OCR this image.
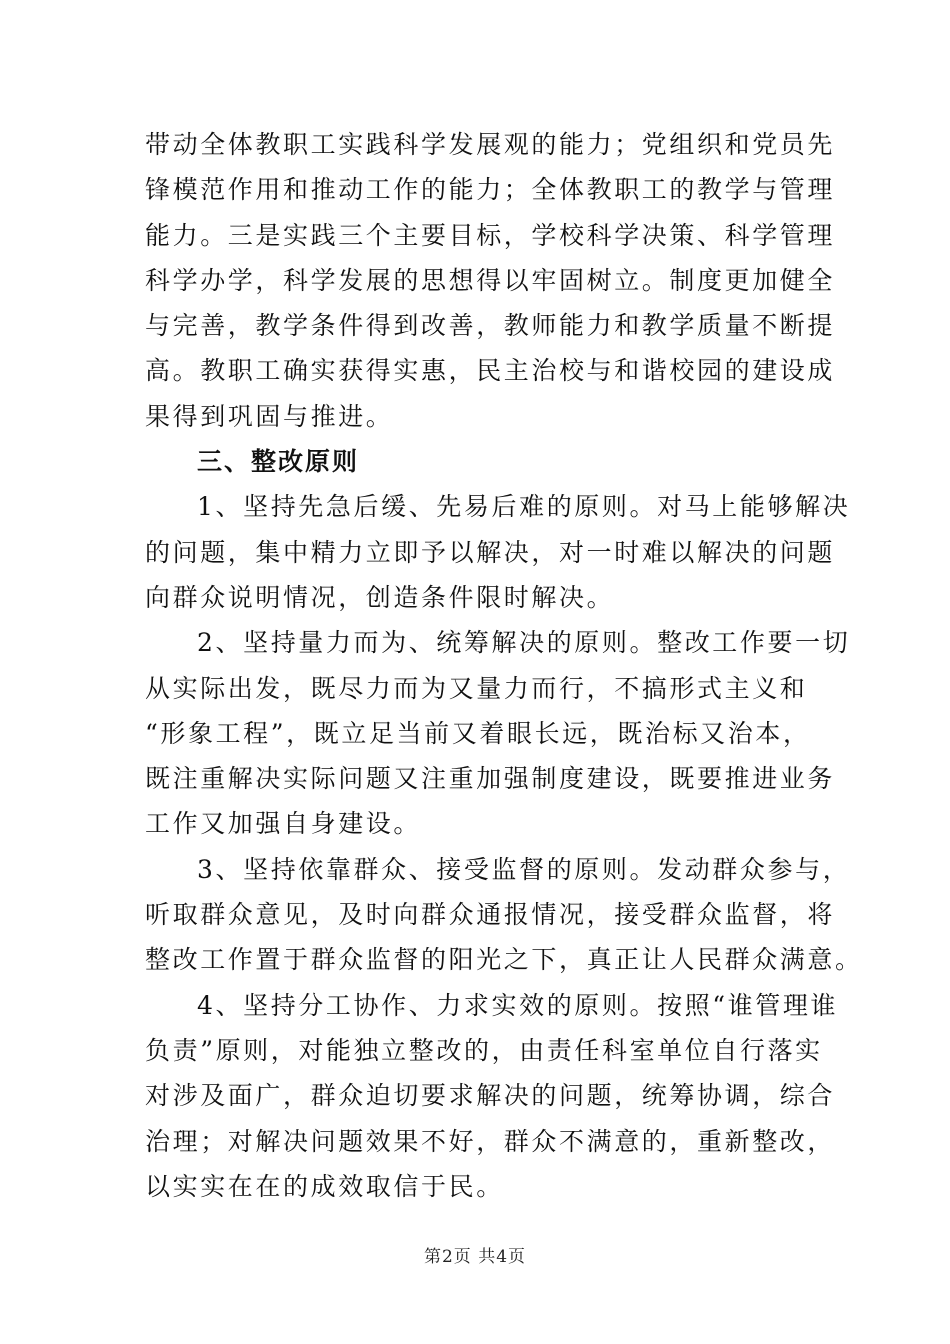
带动全体教职工实践科学发展观的能力；党组织和党员先
锋模范作用和推动工作的能力；全体教职工的教学与管理
能力。三是实践三个主要目标，学校科学决策、科学管理
科学办学，科学发展的思想得以牢固树立。制度更加健全
与完善，教学条件得到改善，教师能力和教学质量不断提
高。教职工确实获得实惠，民主治校与和谐校园的建设成
果得到巩固与推进。
三、整改原则
1、坚持先急后缓、先易后难的原则。对马上能够解决
的问题，集中精力立即予以解决，对一时难以解决的问题
向群众说明情况，创造条件限时解决。
2、坚持量力而为、统筹解决的原则。整改工作要一切
从实际出发，既尽力而为又量力而行，不搞形式主义和
“形象工程”，既立足当前又着眼长远，既治标又治本，
既注重解决实际问题又注重加强制度建设，既要推进业务
工作又加强自身建设。
3、坚持依靠群众、接受监督的原则。发动群众参与，
听取群众意见，及时向群众通报情况，接受群众监督，将
整改工作置于群众监督的阳光之下，真正让人民群众满意。
4、坚持分工协作、力求实效的原则。按照“谁管理谁
负责”原则，对能独立整改的，由责任科室单位自行落实
对涉及面广，群众迫切要求解决的问题，统筹协调，综合
治理；对解决问题效果不好，群众不满意的，重新整改，
以实实在在的成效取信于民。
第2页 共4页
